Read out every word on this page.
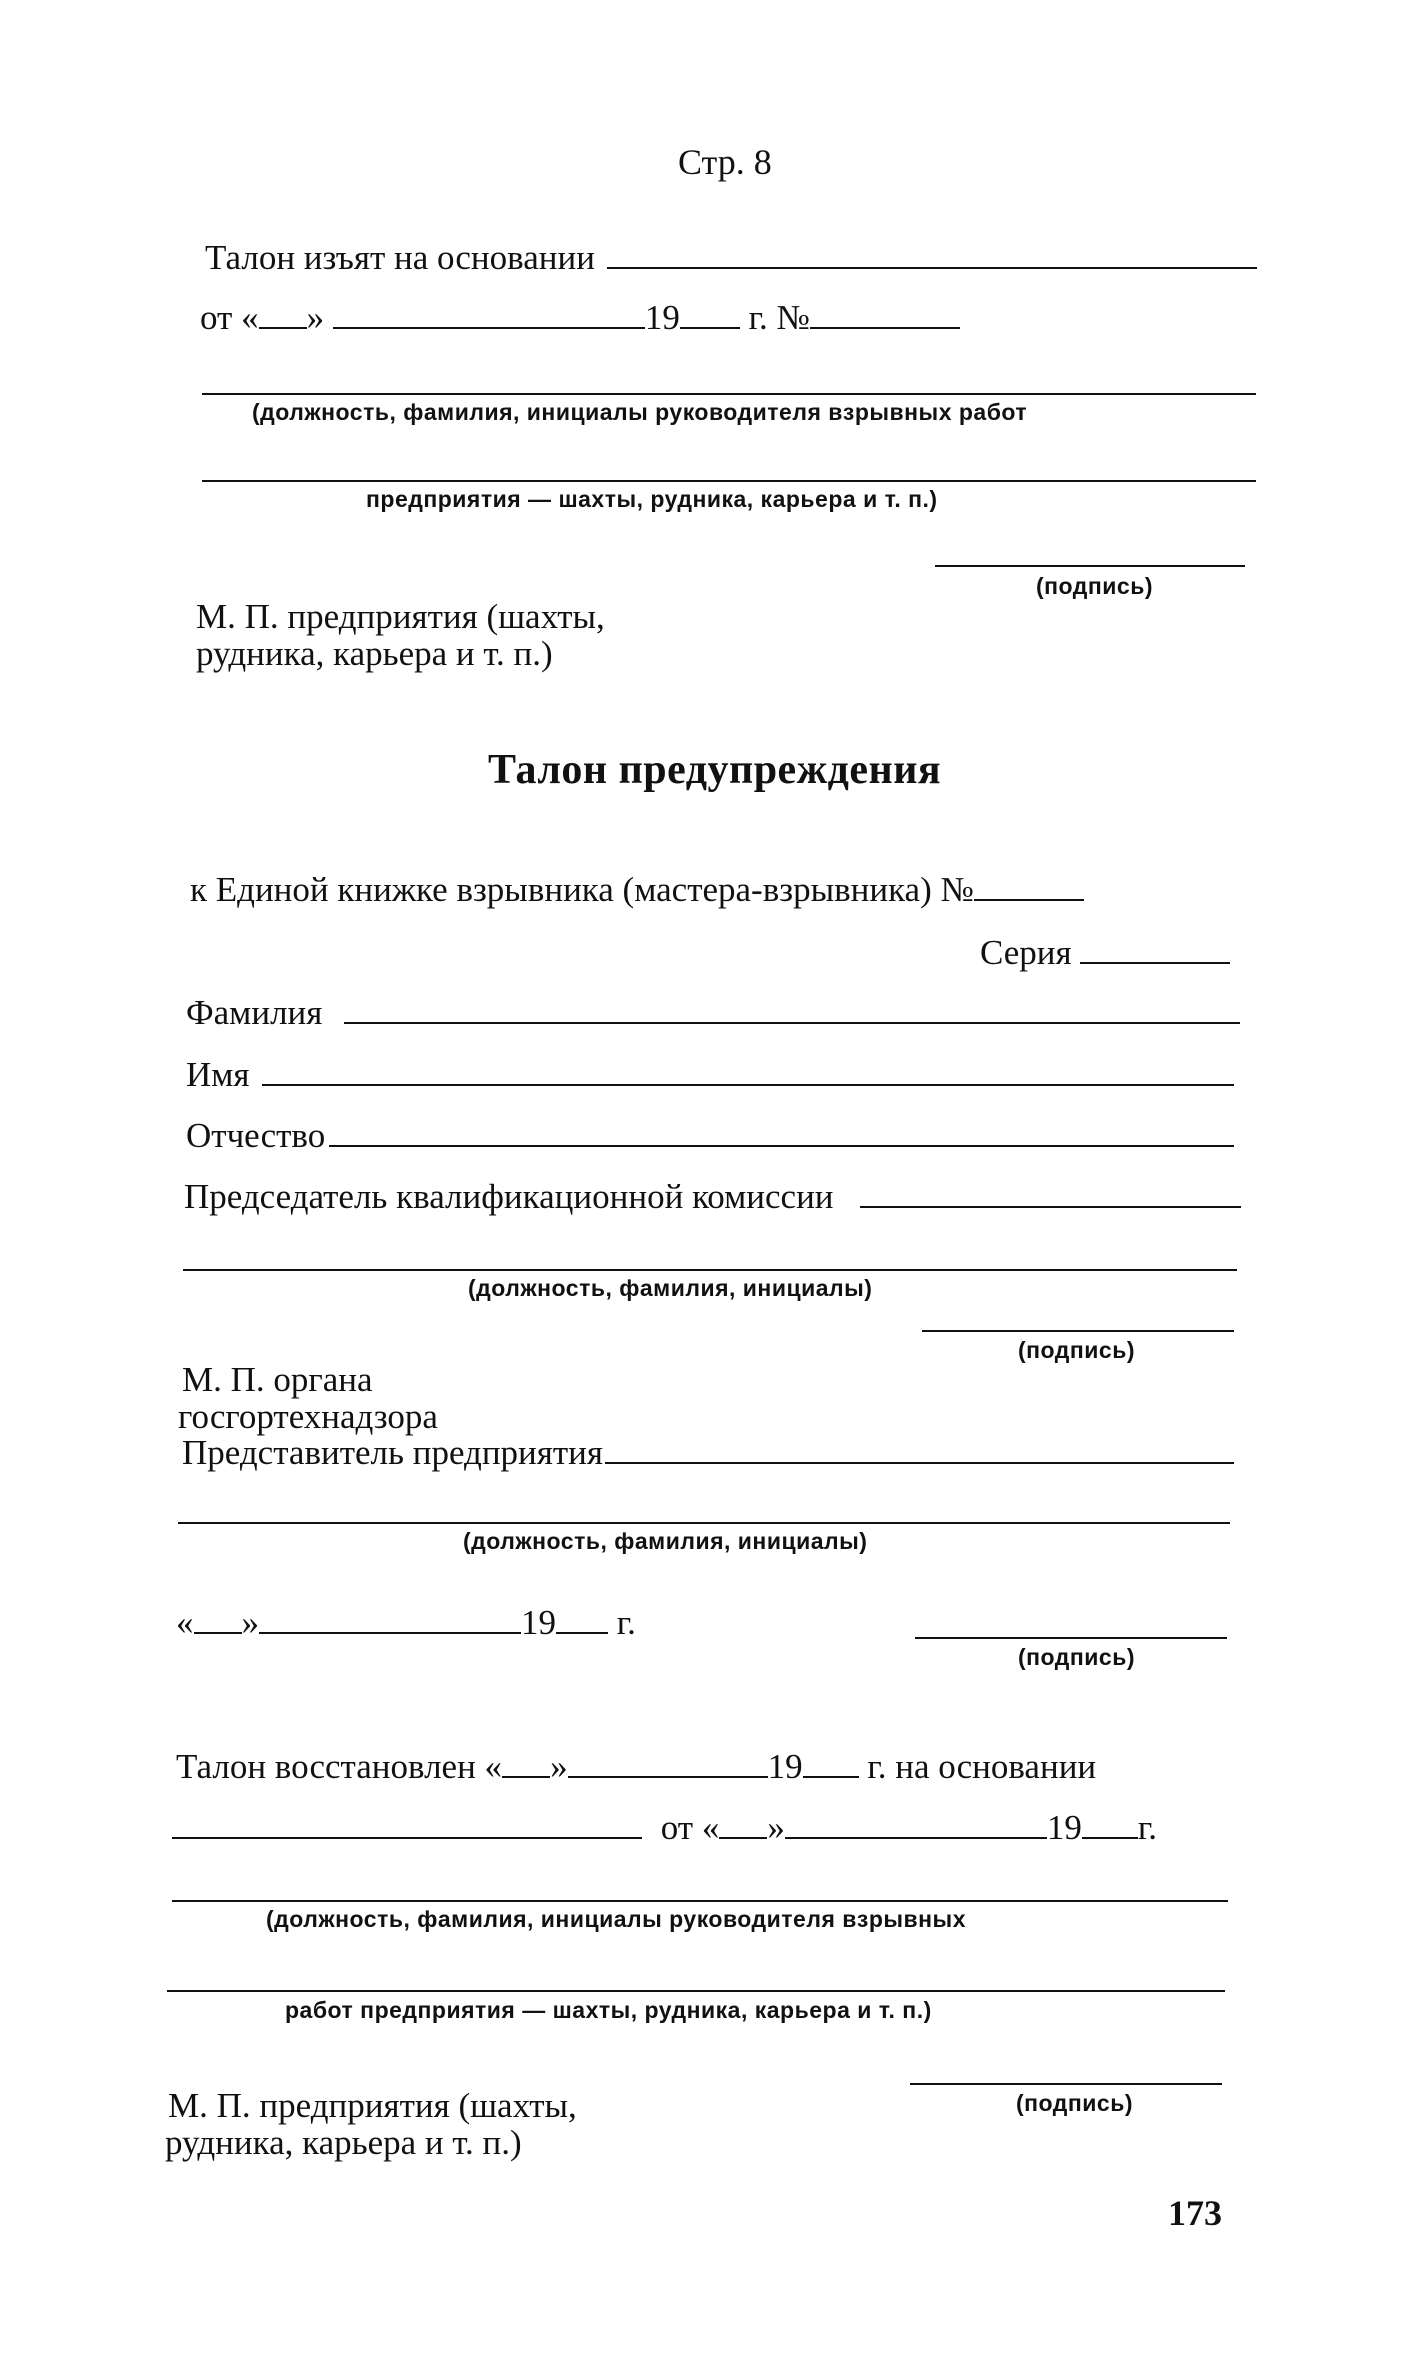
Стр. 8
Талон изъят на основании
от « »	19 г. №
(должность, фамилия, инициалы руководителя взрывных работ
предприятия — шахты, рудника, карьера и т. п.)
(подпись)
М. П. предприятия (шахты,
рудника, карьера и т. п.)
Талон предупреждения
к Единой книжке взрывника (мастера-взрывника) №
Серия
Фамилия
Имя
Отчество
Председатель квалификационной комиссии
(должность, фамилия, инициалы)
(подпись)
М. П. органа
госгортехнадзора
Представитель предприятия
(должность, фамилия, инициалы)
« »	19 г.
(подпись)
Талон восстановлен « »	19 г. на основании
от « »	19 г.
(должность, фамилия, инициалы руководителя взрывных
работ предприятия — шахты, рудника, карьера и т. п.)
(подпись)
М. П. предприятия (шахты,
рудника, карьера и т. п.)
173
